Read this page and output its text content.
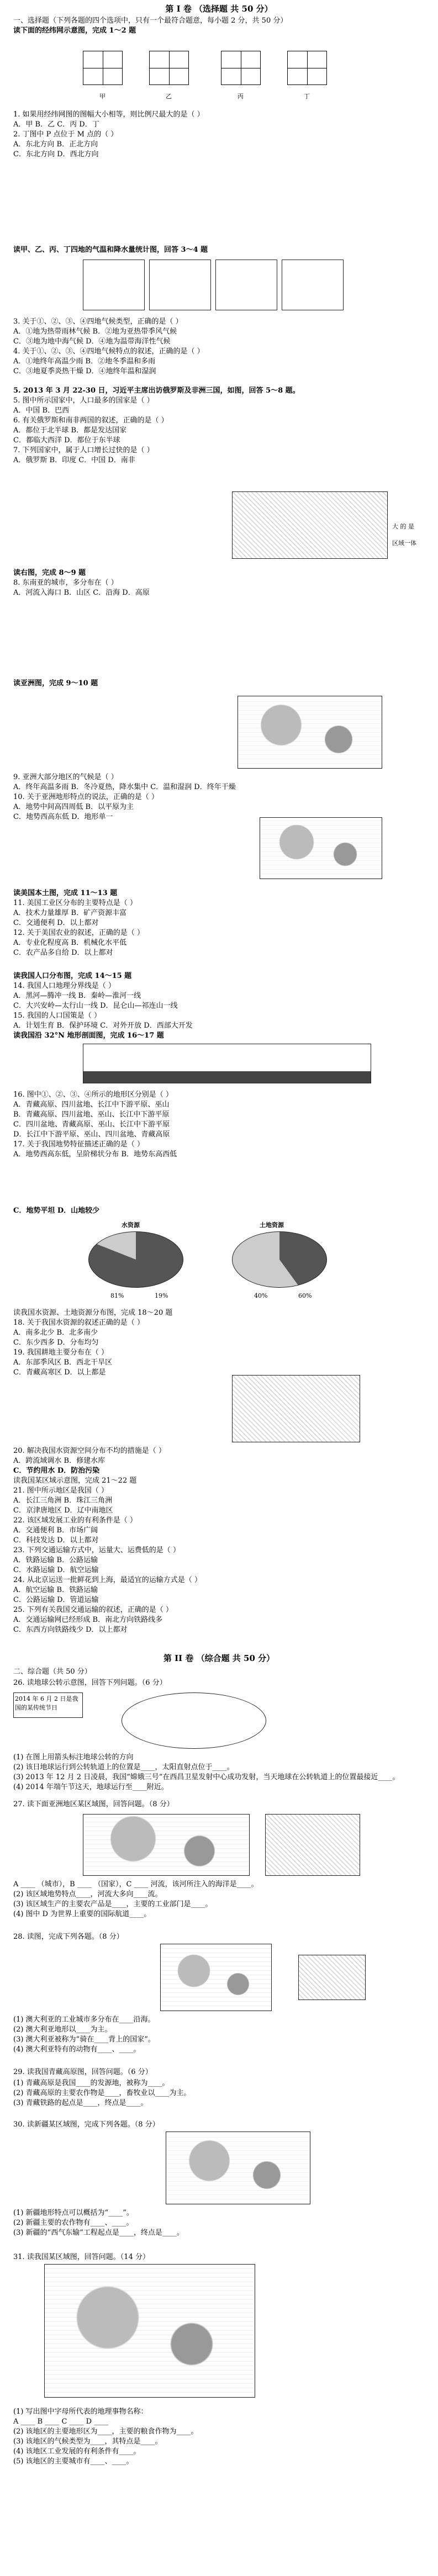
第 I 卷 （选择题 共 50 分）
一、选择题（下列各题的四个选项中，只有一个最符合题意，每小题 2 分，共 50 分）
读下面的经纬网示意图，完成 1～2 题
甲	乙	丙	丁
大 的 是
区域一体
水资源	土地资源
81%	19%	40%	60%
1. 如果用经纬网图的图幅大小相等，则比例尺最大的是（ ）
A．甲 B．乙 C．丙 D．丁
2. 丁图中 P 点位于 M 点的（ ）
A．东北方向 B．正北方向
C．东北方向 D．西北方向
读甲、乙、丙、丁四地的气温和降水量统计图，回答 3～4 题
3. 关于①、②、③、④四地气候类型，正确的是（ ）
A．①地为热带雨林气候 B．②地为亚热带季风气候
C．③地为地中海气候 D．④地为温带海洋性气候
4. 关于①、②、③、④四地气候特点的叙述，正确的是（ ）
A．①地终年高温少雨 B．②地冬季温和多雨
C．③地夏季炎热干燥 D．④地终年温和湿润
5. 2013 年 3 月 22-30 日，习近平主席出访俄罗斯及非洲三国，如图，回答 5～8 题。
5. 图中所示国家中，人口最多的国家是（ ）
A．中国 B．巴西
6. 有关俄罗斯和南非两国的叙述，正确的是（ ）
A．都位于北半球 B．都是发达国家
C．都临大西洋 D．都位于东半球
7. 下列国家中，属于人口增长过快的是（ ）
A．俄罗斯 B．印度 C．中国 D．南非
读右图，完成 8～9 题
8. 东南亚的城市，多分布在（ ）
A．河流入海口 B．山区 C．沿海 D．高原
读亚洲图，完成 9～10 题
9. 亚洲大部分地区的气候是（ ）
A．终年高温多雨 B．冬冷夏热，降水集中 C．温和湿润 D．终年干燥
10. 关于亚洲地形特点的说法，正确的是（ ）
A．地势中间高四周低 B．以平原为主
C．地势西高东低 D．地形单一
读美国本土图，完成 11～13 题
11. 美国工业区分布的主要特点是（ ）
A．技术力量雄厚 B．矿产资源丰富
C．交通便利 D．以上都对
12. 关于美国农业的叙述，正确的是（ ）
A．专业化程度高 B．机械化水平低
C．农产品多自给 D．以上都对
读我国人口分布图，完成 14～15 题
14. 我国人口地理分界线是（ ）
A．黑河—腾冲一线 B．秦岭—淮河一线
C．大兴安岭—太行山一线 D．昆仑山—祁连山一线
15. 我国的人口国策是（ ）
A．计划生育 B．保护环境 C．对外开放 D．西部大开发
读我国沿 32°N 地形剖面图，完成 16～17 题
16. 图中①、②、③、④所示的地形区分别是（ ）
A．青藏高原、四川盆地、长江中下游平原、巫山
B．青藏高原、四川盆地、巫山、长江中下游平原
C．四川盆地、青藏高原、巫山、长江中下游平原
D．长江中下游平原、巫山、四川盆地、青藏高原
17. 关于我国地势特征描述正确的是（ ）
A．地势西高东低，呈阶梯状分布 B．地势东高西低
C．地势平坦 D．山地较少
读我国水资源、土地资源分布图，完成 18～20 题
18. 关于我国水资源的叙述正确的是（ ）
A．南多北少 B．北多南少
C．东少西多 D．分布均匀
19. 我国耕地主要分布在（ ）
A．东部季风区 B．西北干旱区
C．青藏高寒区 D．以上都是
20. 解决我国水资源空间分布不均的措施是（ ）
A．跨流域调水 B．修建水库
C．节约用水 D．防治污染
读我国某区域示意图，完成 21～22 题
21. 图中所示地区是我国（ ）
A．长江三角洲 B．珠江三角洲
C．京津唐地区 D．辽中南地区
22. 该区域发展工业的有利条件是（ ）
A．交通便利 B．市场广阔
C．科技发达 D．以上都对
23. 下列交通运输方式中，运量大、运费低的是（ ）
A．铁路运输 B．公路运输
C．水路运输 D．航空运输
24. 从北京运送一批鲜花到上海，最适宜的运输方式是（ ）
A．航空运输 B．铁路运输
C．公路运输 D．管道运输
25. 下列有关我国交通运输的叙述，正确的是（ ）
A．交通运输网已经形成 B．南北方向铁路线多
C．东西方向铁路线少 D．以上都对
第 II 卷 （综合题 共 50 分）
二、综合题（共 50 分）
26. 读地球公转示意图，回答下列问题。（6 分）
2014 年 6 月 2 日是我国的某传统节日
(1) 在图上用箭头标注地球公转的方向
(2) 该日地球运行到公转轨道上的位置是____，太阳直射点位于____。
(3) 2013 年 12 月 2 日凌晨，我国“嫦娥三号”在西昌卫星发射中心成功发射，当天地球在公转轨道上的位置最接近____。
(4) 2014 年端午节这天，地球运行至____附近。
27. 读下面亚洲地区某区域图，回答问题。（8 分）
A ____ （城市），B ____ （国家），C ____ 河流，该河所注入的海洋是____。
(2) 该区域地势特点____，河流大多向____流。
(3) 该区域生产的主要农产品是____，主要的工业部门是____。
(4) 图中 D 为世界上重要的国际航道____。
28. 读图，完成下列各题。（8 分）
(1) 澳大利亚的工业城市多分布在____沿海。
(2) 澳大利亚地形以____为主。
(3) 澳大利亚被称为“骑在____背上的国家”。
(4) 澳大利亚特有的动物有____、____。
29. 读我国青藏高原图，回答问题。（6 分）
(1) 青藏高原是我国____的发源地，被称为____。
(2) 青藏高原的主要农作物是____，畜牧业以____为主。
(3) 青藏铁路的起点是____，终点是____。
30. 读新疆某区域图，完成下列各题。（8 分）
(1) 新疆地形特点可以概括为“____”。
(2) 新疆主要的农作物有____、____。
(3) 新疆的“西气东输”工程起点是____，终点是____。
31. 读我国某区域图，回答问题。（14 分）
(1) 写出图中字母所代表的地理事物名称：
A ____ B ____ C ____ D ____
(2) 该地区的主要地形区为____，主要的粮食作物为____。
(3) 该地区的气候类型为____，其特点是____。
(4) 该地区工业发展的有利条件有____。
(5) 该地区的主要城市有____、____。
